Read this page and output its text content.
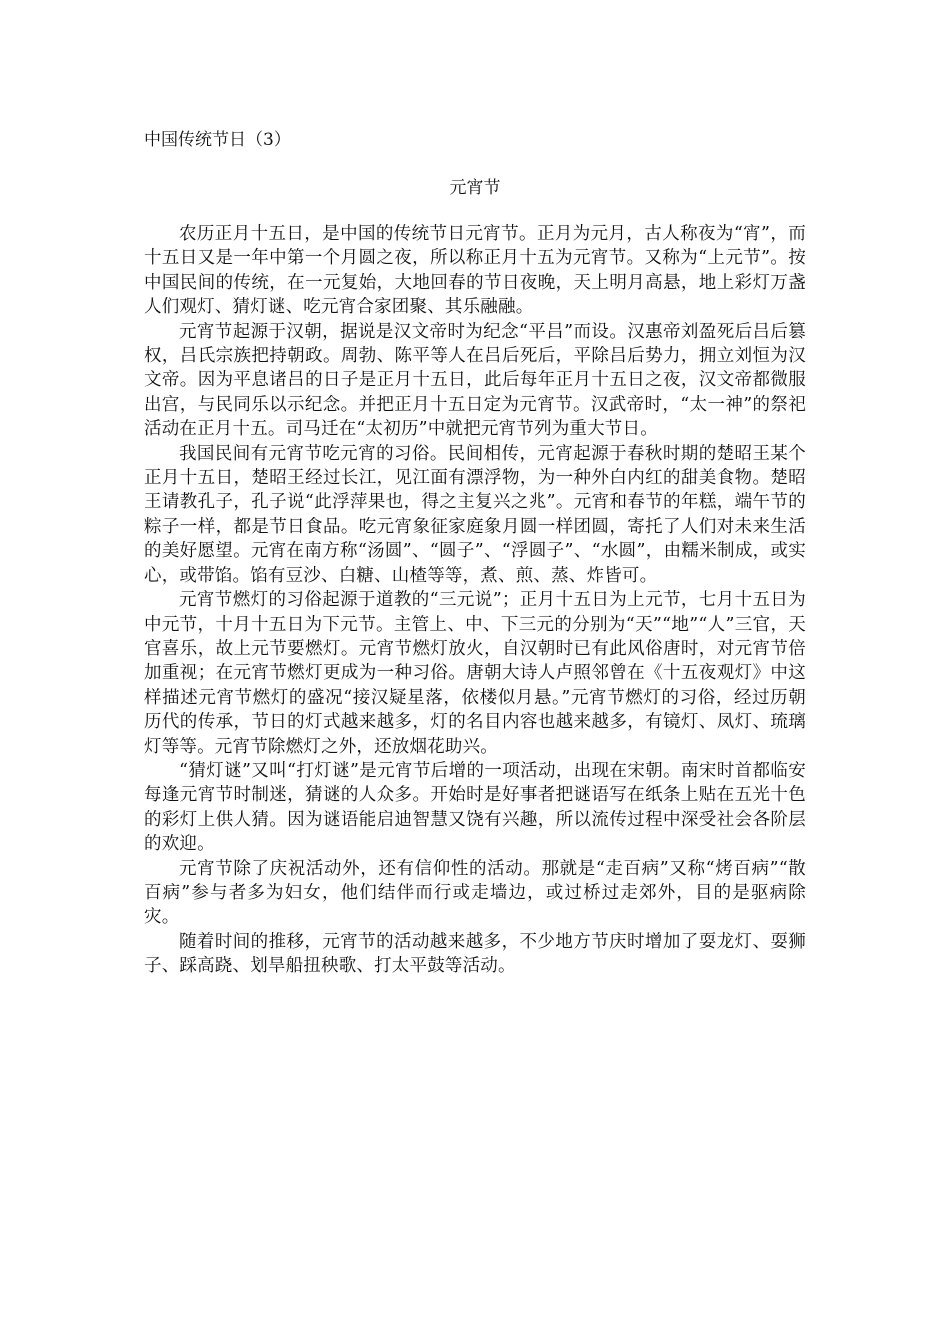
中国传统节日（3）
元宵节

农历正月十五日，是中国的传统节日元宵节。正月为元月，古人称夜为“宵”，而十五日又是一年中第一个月圆之夜，所以称正月十五为元宵节。又称为“上元节”。按中国民间的传统，在一元复始，大地回春的节日夜晚，天上明月高悬，地上彩灯万盏人们观灯、猜灯谜、吃元宵合家团聚、其乐融融。

元宵节起源于汉朝，据说是汉文帝时为纪念“平吕”而设。汉惠帝刘盈死后吕后篡权，吕氏宗族把持朝政。周勃、陈平等人在吕后死后，平除吕后势力，拥立刘恒为汉文帝。因为平息诸吕的日子是正月十五日，此后每年正月十五日之夜，汉文帝都微服出宫，与民同乐以示纪念。并把正月十五日定为元宵节。汉武帝时，“太一神”的祭祀活动在正月十五。司马迁在“太初历”中就把元宵节列为重大节日。

我国民间有元宵节吃元宵的习俗。民间相传，元宵起源于春秋时期的楚昭王某个正月十五日，楚昭王经过长江，见江面有漂浮物，为一种外白内红的甜美食物。楚昭王请教孔子，孔子说“此浮萍果也，得之主复兴之兆”。元宵和春节的年糕，端午节的粽子一样，都是节日食品。吃元宵象征家庭象月圆一样团圆，寄托了人们对未来生活的美好愿望。元宵在南方称“汤圆”、“圆子”、“浮圆子”、“水圆”，由糯米制成，或实心，或带馅。馅有豆沙、白糖、山楂等等，煮、煎、蒸、炸皆可。

元宵节燃灯的习俗起源于道教的“三元说”；正月十五日为上元节，七月十五日为中元节，十月十五日为下元节。主管上、中、下三元的分别为“天”“地”“人”三官，天官喜乐，故上元节要燃灯。元宵节燃灯放火，自汉朝时已有此风俗唐时，对元宵节倍加重视；在元宵节燃灯更成为一种习俗。唐朝大诗人卢照邻曾在《十五夜观灯》中这样描述元宵节燃灯的盛况“接汉疑星落，依楼似月悬。”元宵节燃灯的习俗，经过历朝历代的传承，节日的灯式越来越多，灯的名目内容也越来越多，有镜灯、凤灯、琉璃灯等等。元宵节除燃灯之外，还放烟花助兴。

“猜灯谜”又叫“打灯谜”是元宵节后增的一项活动，出现在宋朝。南宋时首都临安每逢元宵节时制迷，猜谜的人众多。开始时是好事者把谜语写在纸条上贴在五光十色的彩灯上供人猜。因为谜语能启迪智慧又饶有兴趣，所以流传过程中深受社会各阶层的欢迎。

元宵节除了庆祝活动外，还有信仰性的活动。那就是“走百病”又称“烤百病”“散百病”参与者多为妇女，他们结伴而行或走墙边，或过桥过走郊外，目的是驱病除灾。

随着时间的推移，元宵节的活动越来越多，不少地方节庆时增加了耍龙灯、耍狮子、踩高跷、划旱船扭秧歌、打太平鼓等活动。
